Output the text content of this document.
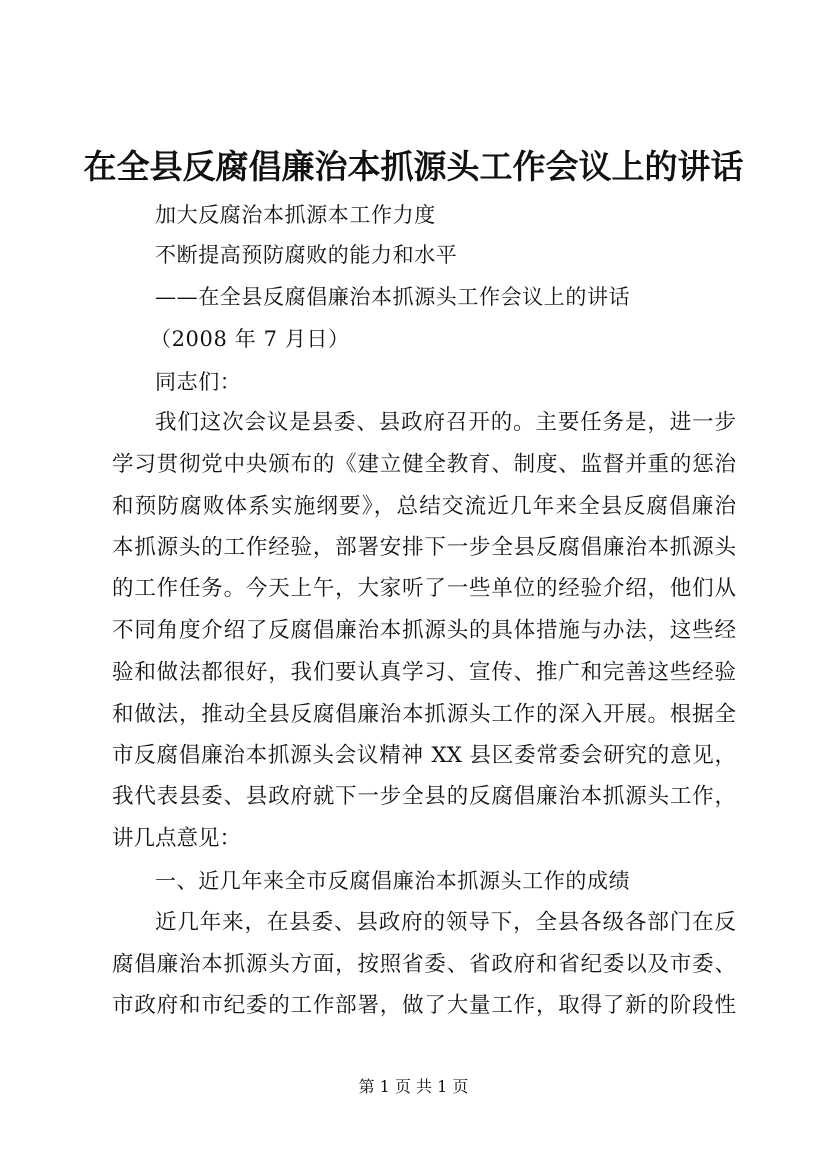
在全县反腐倡廉治本抓源头工作会议上的讲话
加大反腐治本抓源本工作力度
不断提高预防腐败的能力和水平
——在全县反腐倡廉治本抓源头工作会议上的讲话
（2008 年 7 月日）
同志们：
我们这次会议是县委、县政府召开的。主要任务是，进一步
学习贯彻党中央颁布的《建立健全教育、制度、监督并重的惩治
和预防腐败体系实施纲要》，总结交流近几年来全县反腐倡廉治
本抓源头的工作经验，部署安排下一步全县反腐倡廉治本抓源头
的工作任务。今天上午，大家听了一些单位的经验介绍，他们从
不同角度介绍了反腐倡廉治本抓源头的具体措施与办法，这些经
验和做法都很好，我们要认真学习、宣传、推广和完善这些经验
和做法，推动全县反腐倡廉治本抓源头工作的深入开展。根据全
市反腐倡廉治本抓源头会议精神 XX 县区委常委会研究的意见，
我代表县委、县政府就下一步全县的反腐倡廉治本抓源头工作，
讲几点意见：
一、近几年来全市反腐倡廉治本抓源头工作的成绩
近几年来，在县委、县政府的领导下，全县各级各部门在反
腐倡廉治本抓源头方面，按照省委、省政府和省纪委以及市委、
市政府和市纪委的工作部署，做了大量工作，取得了新的阶段性
第 1 页 共 1 页
